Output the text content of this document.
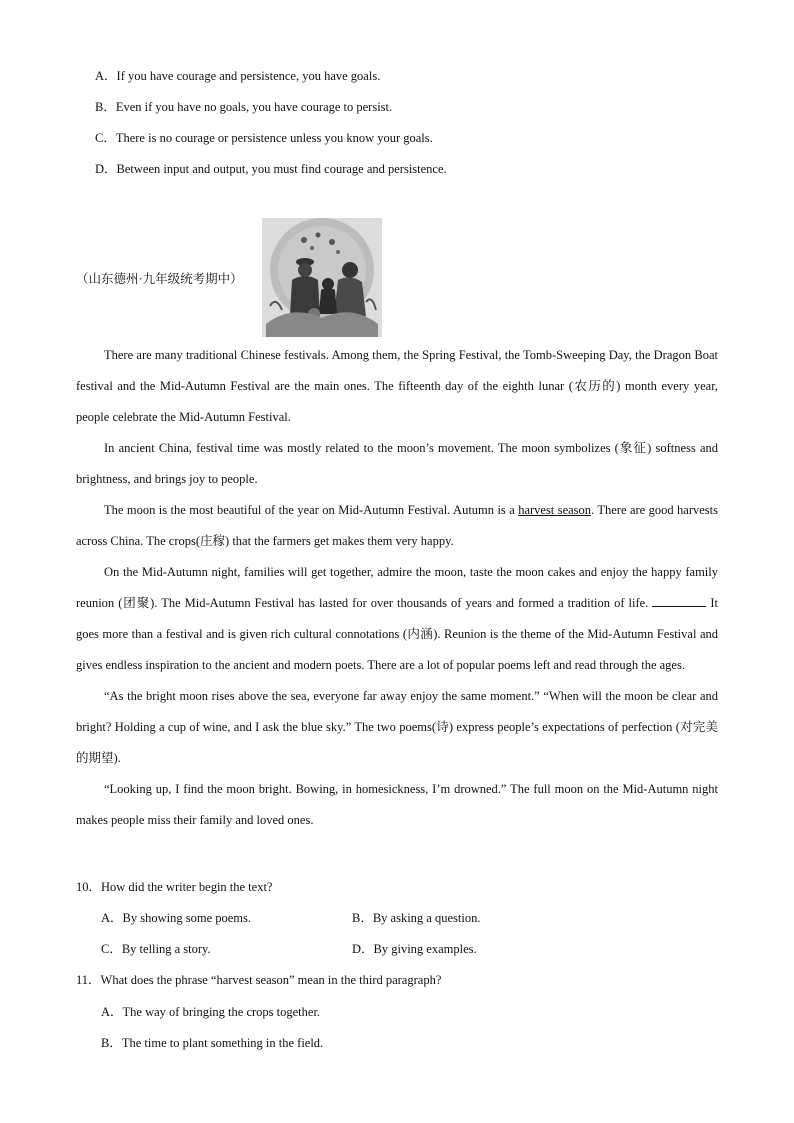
A．If you have courage and persistence, you have goals.
B．Even if you have no goals, you have courage to persist.
C．There is no courage or persistence unless you know your goals.
D．Between input and output, you must find courage and persistence.
（山东德州·九年级统考期中）

There are many traditional Chinese festivals. Among them, the Spring Festival, the Tomb-Sweeping Day, the Dragon Boat festival and the Mid-Autumn Festival are the main ones. The fifteenth day of the eighth lunar (农历的) month every year, people celebrate the Mid-Autumn Festival.

In ancient China, festival time was mostly related to the moon’s movement. The moon symbolizes (象征) softness and brightness, and brings joy to people.

The moon is the most beautiful of the year on Mid-Autumn Festival. Autumn is a harvest season. There are good harvests across China. The crops(庄稼) that the farmers get makes them very happy.

On the Mid-Autumn night, families will get together, admire the moon, taste the moon cakes and enjoy the happy family reunion (团聚). The Mid-Autumn Festival has lasted for over thousands of years and formed a tradition of life.	It goes more than a festival and is given rich cultural connotations (内涵). Reunion is the theme of the Mid-Autumn Festival and gives endless inspiration to the ancient and modern poets. There are a lot of popular poems left and read through the ages.

“As the bright moon rises above the sea, everyone far away enjoy the same moment.” “When will the moon be clear and bright? Holding a cup of wine, and I ask the blue sky.” The two poems(诗) express people’s expectations of perfection (对完美的期望).

“Looking up, I find the moon bright. Bowing, in homesickness, I’m drowned.” The full moon on the Mid-Autumn night makes people miss their family and loved ones.

10．How did the writer begin the text?
A．By showing some poems.	B．By asking a question.
C．By telling a story.	D．By giving examples.
11．What does the phrase “harvest season” mean in the third paragraph?
A．The way of bringing the crops together.
B．The time to plant something in the field.
